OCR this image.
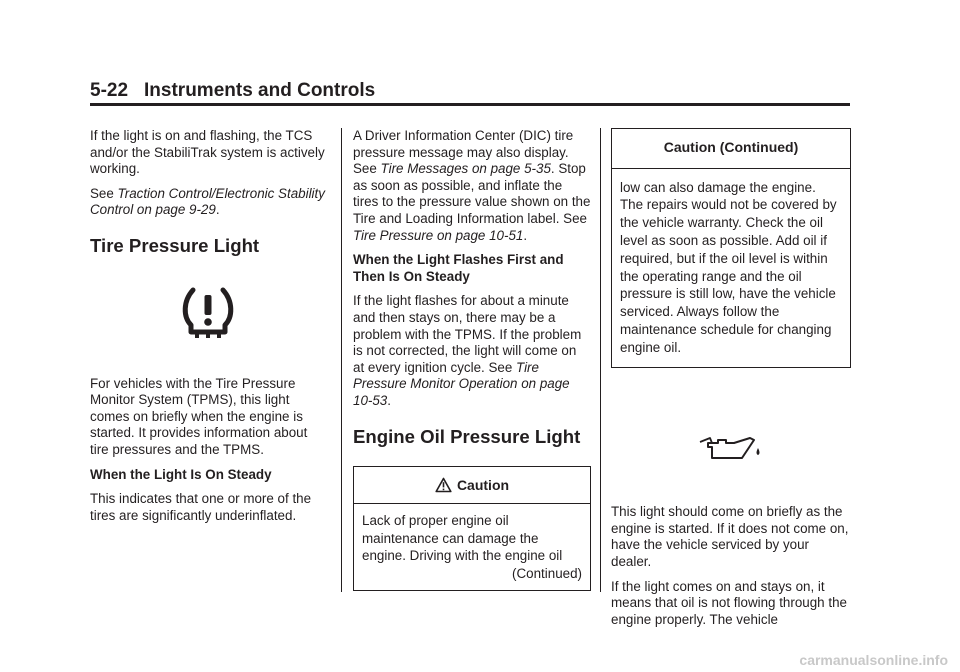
5-22 Instruments and Controls

If the light is on and flashing, the TCS and/or the StabiliTrak system is actively working.

See Traction Control/Electronic Stability Control on page 9-29.

Tire Pressure Light

For vehicles with the Tire Pressure Monitor System (TPMS), this light comes on briefly when the engine is started. It provides information about tire pressures and the TPMS.

When the Light Is On Steady

This indicates that one or more of the tires are significantly underinflated.

A Driver Information Center (DIC) tire pressure message may also display. See Tire Messages on page 5-35. Stop as soon as possible, and inflate the tires to the pressure value shown on the Tire and Loading Information label. See Tire Pressure on page 10-51.

When the Light Flashes First and Then Is On Steady

If the light flashes for about a minute and then stays on, there may be a problem with the TPMS. If the problem is not corrected, the light will come on at every ignition cycle. See Tire Pressure Monitor Operation on page 10-53.

Engine Oil Pressure Light
Caution
Lack of proper engine oil maintenance can damage the engine. Driving with the engine oil
(Continued)
Caution (Continued)
low can also damage the engine. The repairs would not be covered by the vehicle warranty. Check the oil level as soon as possible. Add oil if required, but if the oil level is within the operating range and the oil pressure is still low, have the vehicle serviced. Always follow the maintenance schedule for changing engine oil.

This light should come on briefly as the engine is started. If it does not come on, have the vehicle serviced by your dealer.

If the light comes on and stays on, it means that oil is not flowing through the engine properly. The vehicle

carmanualsonline.info
